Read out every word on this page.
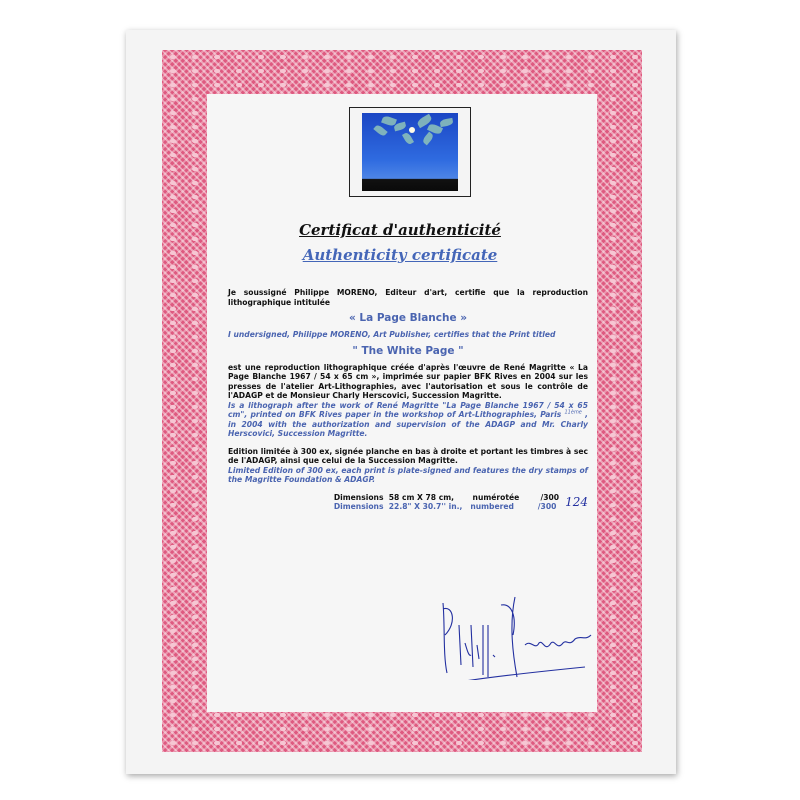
Certificat d'authenticité
Authenticity certificate

Je soussigné Philippe MORENO, Editeur d'art, certifie que la reproduction lithographique intitulée

« La Page Blanche »

I undersigned, Philippe MORENO, Art Publisher, certifies that the Print titled

" The White Page "

est une reproduction lithographique créée d'après l'œuvre de René Magritte « La Page Blanche 1967 / 54 x 65 cm », imprimée sur papier BFK Rives en 2004 sur les presses de l'atelier Art-Lithographies, avec l'autorisation et sous le contrôle de l'ADAGP et de Monsieur Charly Herscovici, Succession Magritte.

Is a lithograph after the work of René Magritte "La Page Blanche 1967 / 54 x 65 cm", printed on BFK Rives paper in the workshop of Art-Lithographies, Paris $^{11ème}$ , in 2004 with the authorization and supervision of the ADAGP and Mr. Charly Herscovici, Succession Magritte.

Edition limitée à 300 ex, signée planche en bas à droite et portant les timbres à sec de l'ADAGP, ainsi que celui de la Succession Magritte.

Limited Edition of 300 ex, each print is plate-signed and features the dry stamps of the Magritte Foundation & ADAGP.

Dimensions  58 cm X 78 cm,       numérotée        /300
Dimensions  22.8" X 30.7'' in.,   numbered         /300 124
